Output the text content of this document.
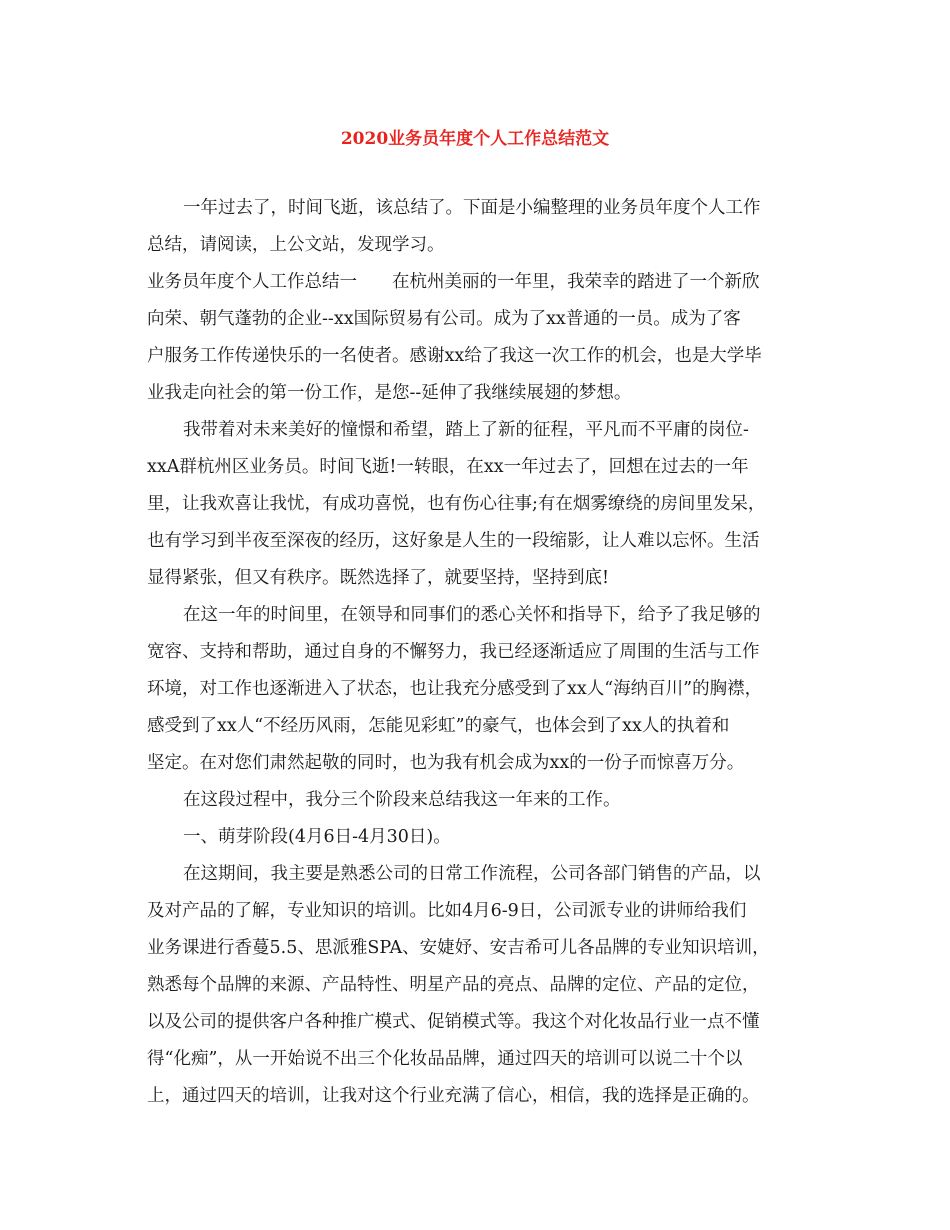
2020业务员年度个人工作总结范文
一年过去了，时间飞逝，该总结了。下面是小编整理的业务员年度个人工作
总结，请阅读，上公文站，发现学习。
业务员年度个人工作总结一　　在杭州美丽的一年里，我荣幸的踏进了一个新欣
向荣、朝气蓬勃的企业--xx国际贸易有公司。成为了xx普通的一员。成为了客
户服务工作传递快乐的一名使者。感谢xx给了我这一次工作的机会，也是大学毕
业我走向社会的第一份工作，是您--延伸了我继续展翅的梦想。
我带着对未来美好的憧憬和希望，踏上了新的征程，平凡而不平庸的岗位-
xxA群杭州区业务员。时间飞逝!一转眼，在xx一年过去了，回想在过去的一年
里，让我欢喜让我忧，有成功喜悦，也有伤心往事;有在烟雾缭绕的房间里发呆，
也有学习到半夜至深夜的经历，这好象是人生的一段缩影，让人难以忘怀。生活
显得紧张，但又有秩序。既然选择了，就要坚持，坚持到底!
在这一年的时间里，在领导和同事们的悉心关怀和指导下，给予了我足够的
宽容、支持和帮助，通过自身的不懈努力，我已经逐渐适应了周围的生活与工作
环境，对工作也逐渐进入了状态，也让我充分感受到了xx人“海纳百川”的胸襟，
感受到了xx人“不经历风雨，怎能见彩虹”的豪气，也体会到了xx人的执着和
坚定。在对您们肃然起敬的同时，也为我有机会成为xx的一份子而惊喜万分。
在这段过程中，我分三个阶段来总结我这一年来的工作。
一、萌芽阶段(4月6日-4月30日)。
在这期间，我主要是熟悉公司的日常工作流程，公司各部门销售的产品，以
及对产品的了解，专业知识的培训。比如4月6-9日，公司派专业的讲师给我们
业务课进行香蔓5.5、思派雅SPA、安婕妤、安吉希可儿各品牌的专业知识培训，
熟悉每个品牌的来源、产品特性、明星产品的亮点、品牌的定位、产品的定位，
以及公司的提供客户各种推广模式、促销模式等。我这个对化妆品行业一点不懂
得“化痴”，从一开始说不出三个化妆品品牌，通过四天的培训可以说二十个以
上，通过四天的培训，让我对这个行业充满了信心，相信，我的选择是正确的。
